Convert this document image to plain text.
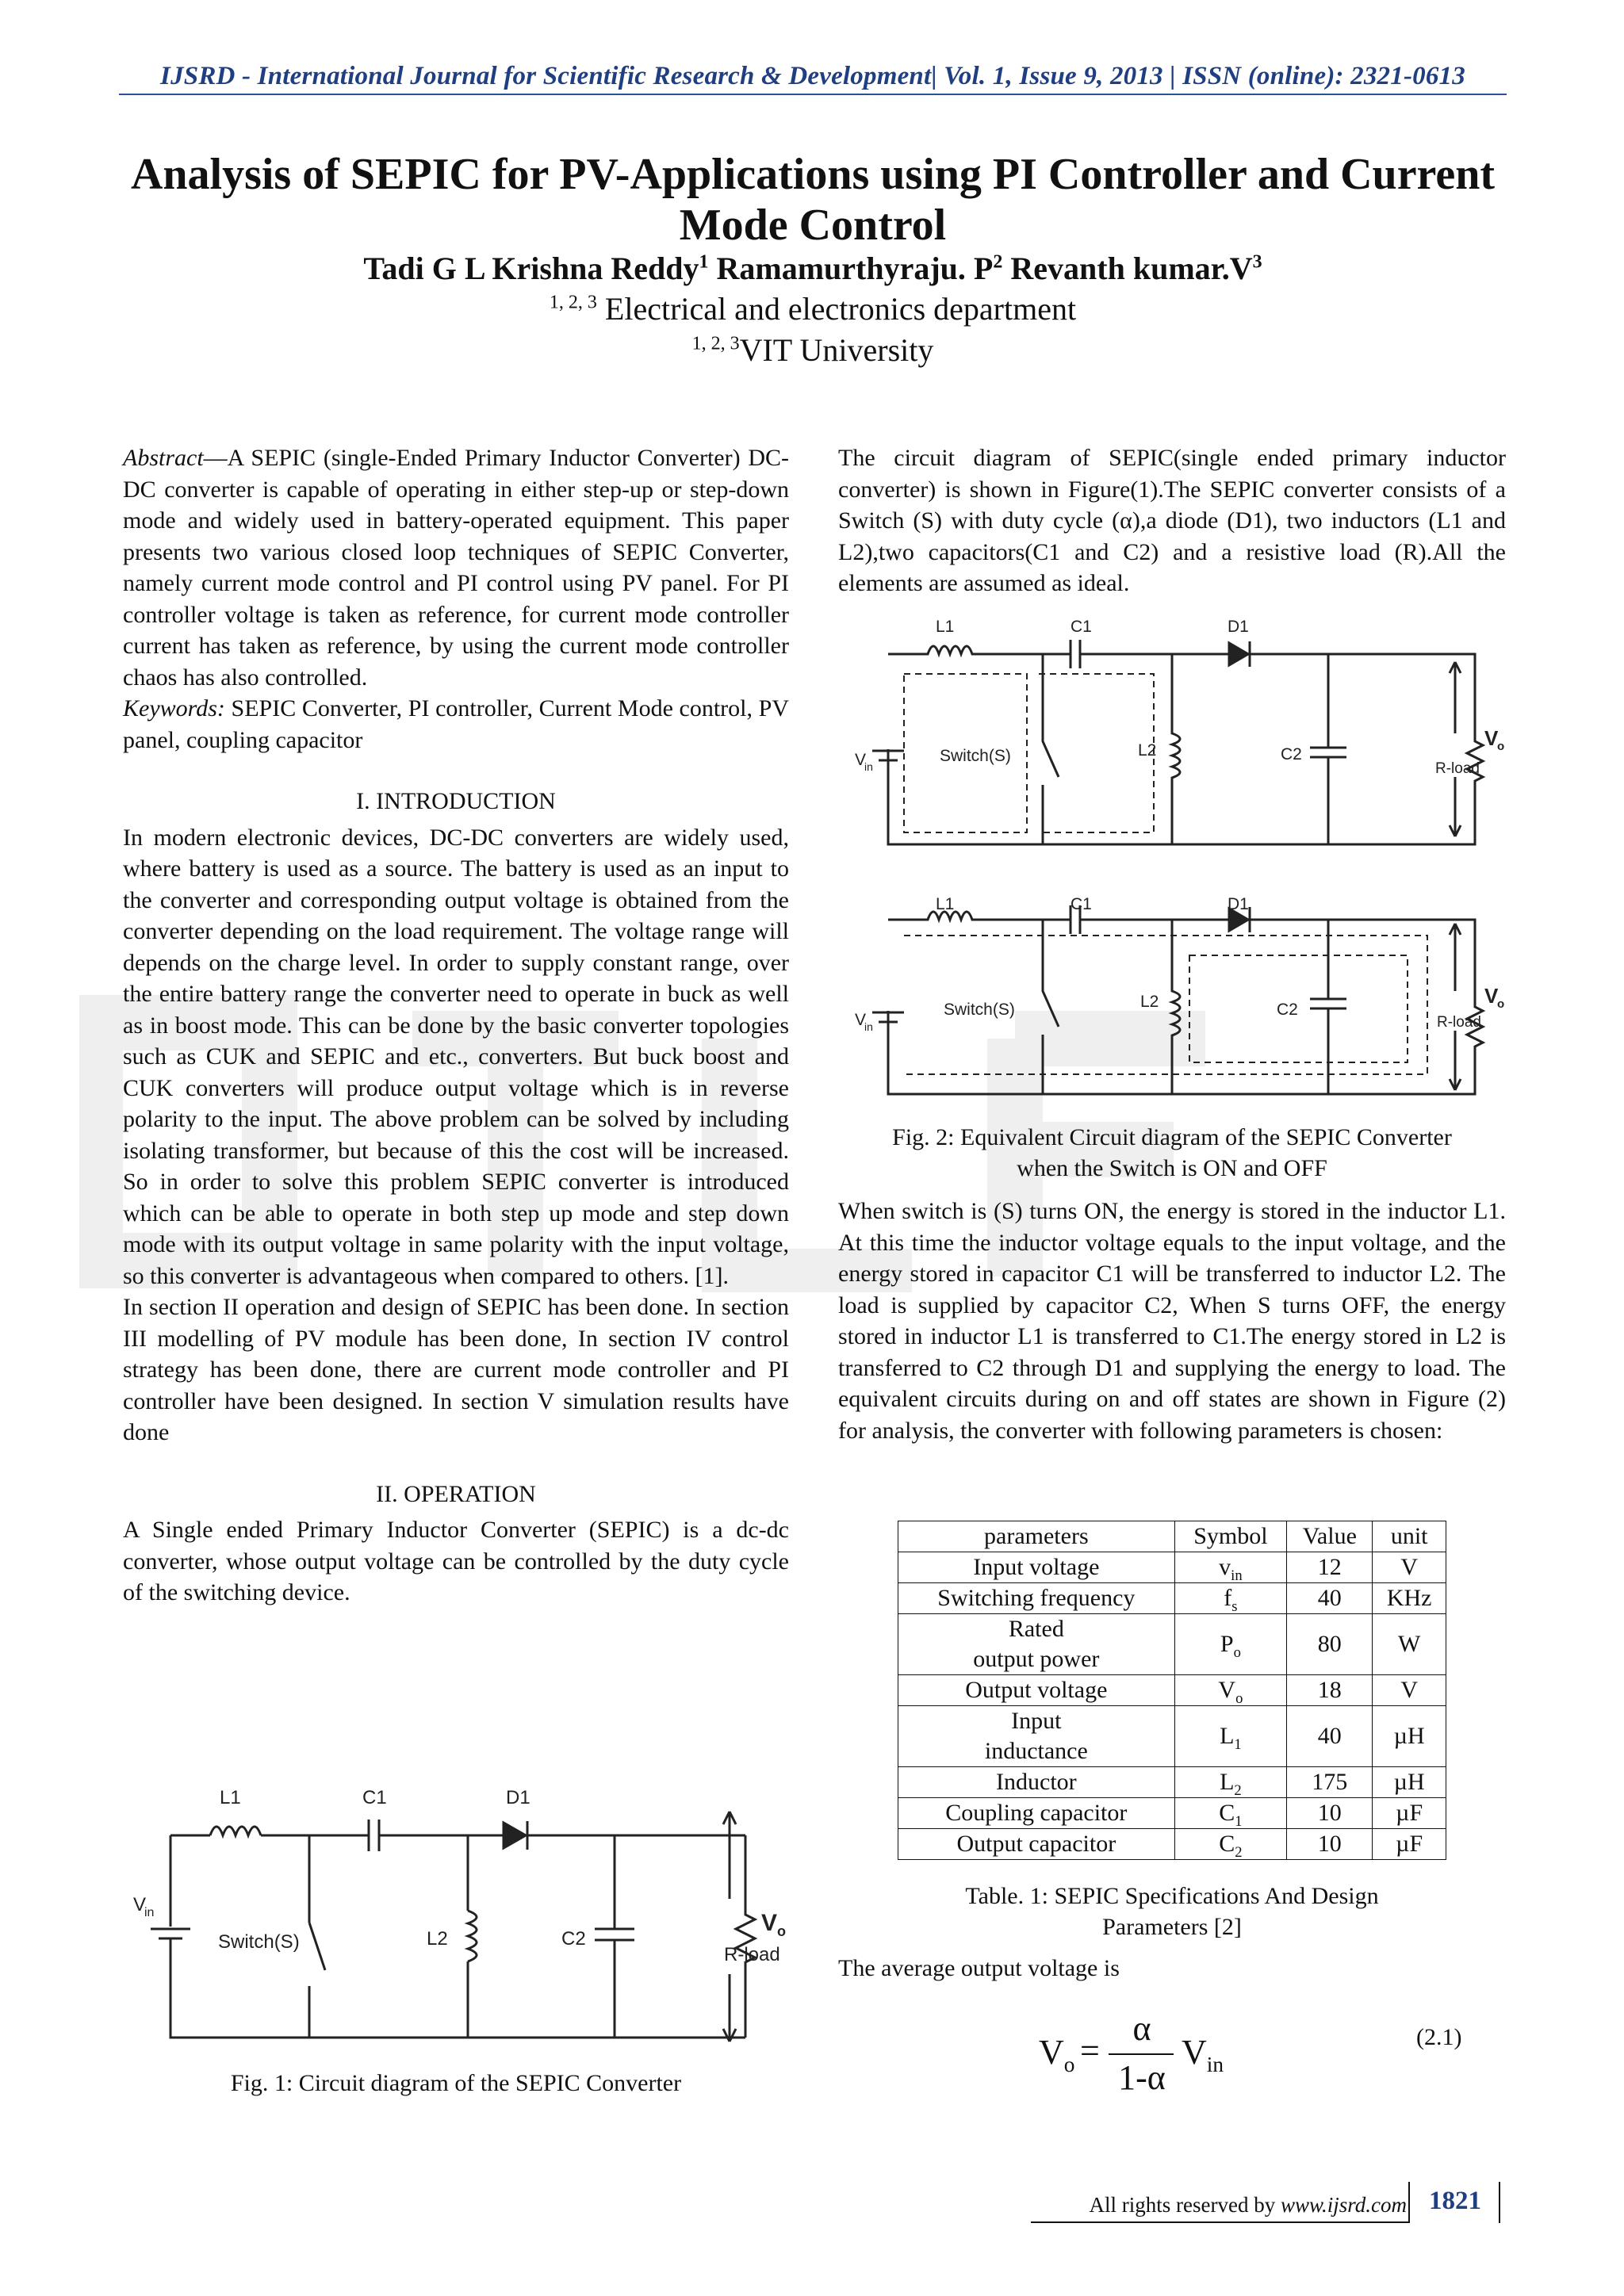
IJSRD - International Journal for Scientific Research & Development| Vol. 1, Issue 9, 2013 | ISSN (online): 2321-0613
Analysis of SEPIC for PV-Applications using PI Controller and Current Mode Control
Tadi G L Krishna Reddy$^1$ Ramamurthyraju. $P^2$ Revanth $kumar.V^3$
$^{1, 2, 3}$ Electrical and electronics department
$^{1, 2, 3}$VIT University

Abstract—A SEPIC (single-Ended Primary Inductor Converter) DC-DC converter is capable of operating in either step-up or step-down mode and widely used in battery-operated equipment. This paper presents two various closed loop techniques of SEPIC Converter, namely current mode control and PI control using PV panel. For PI controller voltage is taken as reference, for current mode controller current has taken as reference, by using the current mode controller chaos has also controlled.

Keywords: SEPIC Converter, PI controller, Current Mode control, PV panel, coupling capacitor

I. INTRODUCTION

In modern electronic devices, DC-DC converters are widely used, where battery is used as a source. The battery is used as an input to the converter and corresponding output voltage is obtained from the converter depending on the load requirement. The voltage range will depends on the charge level. In order to supply constant range, over the entire battery range the converter need to operate in buck as well as in boost mode. This can be done by the basic converter topologies such as CUK and SEPIC and etc., converters. But buck boost and CUK converters will produce output voltage which is in reverse polarity to the input. The above problem can be solved by including isolating transformer, but because of this the cost will be increased. So in order to solve this problem SEPIC converter is introduced which can be able to operate in both step up mode and step down mode with its output voltage in same polarity with the input voltage, so this converter is advantageous when compared to others. [1].

In section II operation and design of SEPIC has been done. In section III modelling of PV module has been done, In section IV control strategy has been done, there are current mode controller and PI controller have been designed. In section V simulation results have done

II. OPERATION

A Single ended Primary Inductor Converter (SEPIC) is a dc-dc converter, whose output voltage can be controlled by the duty cycle of the switching device.

L1	C1	D1
L2	C2
Switch(S)
V
in	V o
R-load
Fig. 1: Circuit diagram of the SEPIC Converter
The circuit diagram of SEPIC(single ended primary inductor converter) is shown in Figure(1).The SEPIC converter consists of a Switch (S) with duty cycle (α),a diode (D1), two inductors (L1 and L2),two capacitors(C1 and C2) and a resistive load (R).All the elements are assumed as ideal.
L1	C1	D1
L2	C2
Switch(S)
V
in
V
o
R-load
L1	C1	D1
L2	C2
Switch(S)
V
in
V
o
R-load
Fig. 2: Equivalent Circuit diagram of the SEPIC Converter
when the Switch is ON and OFF
When switch is (S) turns ON, the energy is stored in the inductor L1. At this time the inductor voltage equals to the input voltage, and the energy stored in capacitor C1 will be transferred to inductor L2. The load is supplied by capacitor C2, When S turns OFF, the energy stored in inductor L1 is transferred to C1.The energy stored in L2 is transferred to C2 through D1 and supplying the energy to load. The equivalent circuits during on and off states are shown in Figure (2) for analysis, the converter with following parameters is chosen:
parameters	Symbol	Value	unit
Input voltage	$v_{in}$	12	V
Switching frequency	$f_s$	40	KHz

Rated
output power	$P_o$	80	W
Output voltage	$V_o$	18	V

Input
inductance	$L_1$	40	µH
Inductor	$L_2$	175	µH
Coupling capacitor	$C_1$	10	µF
Output capacitor	$C_2$	10	µF
Table. 1: SEPIC Specifications And Design
Parameters [2]
The average output voltage is
$V_o$ =
α
1-α
$V_{in}$
(2.1)
All rights reserved by www.ijsrd.com 1821
